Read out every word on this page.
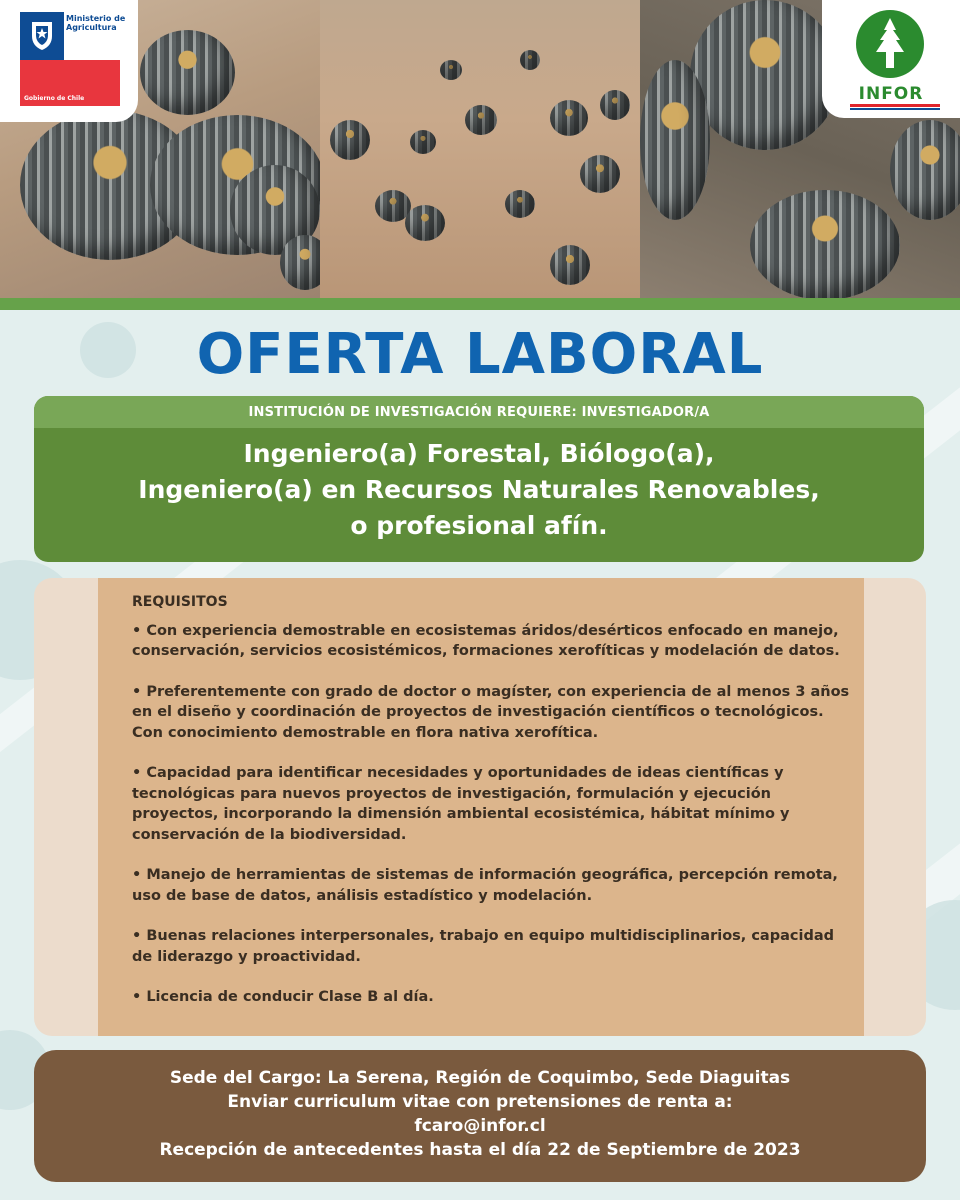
Ministerio de Agricultura
Gobierno de Chile	INFOR
OFERTA LABORAL
INSTITUCIÓN DE INVESTIGACIÓN REQUIERE: INVESTIGADOR/A
Ingeniero(a) Forestal, Biólogo(a),
Ingeniero(a) en Recursos Naturales Renovables,
o profesional afín.
REQUISITOS
• Con experiencia demostrable en ecosistemas áridos/desérticos enfocado en manejo, conservación, servicios ecosistémicos, formaciones xerofíticas y modelación de datos.
• Preferentemente con grado de doctor o magíster, con experiencia de al menos 3 años en el diseño y coordinación de proyectos de investigación científicos o tecnológicos. Con conocimiento demostrable en flora nativa xerofítica.
• Capacidad para identificar necesidades y oportunidades de ideas científicas y tecnológicas para nuevos proyectos de investigación, formulación y ejecución proyectos, incorporando la dimensión ambiental ecosistémica, hábitat mínimo y conservación de la biodiversidad.
• Manejo de herramientas de sistemas de información geográfica, percepción remota, uso de base de datos, análisis estadístico y modelación.
• Buenas relaciones interpersonales, trabajo en equipo multidisciplinarios, capacidad de liderazgo y proactividad.
• Licencia de conducir Clase B al día.
Sede del Cargo: La Serena, Región de Coquimbo, Sede Diaguitas
Enviar curriculum vitae con pretensiones de renta a:
fcaro@infor.cl
Recepción de antecedentes hasta el día 22 de Septiembre de 2023
